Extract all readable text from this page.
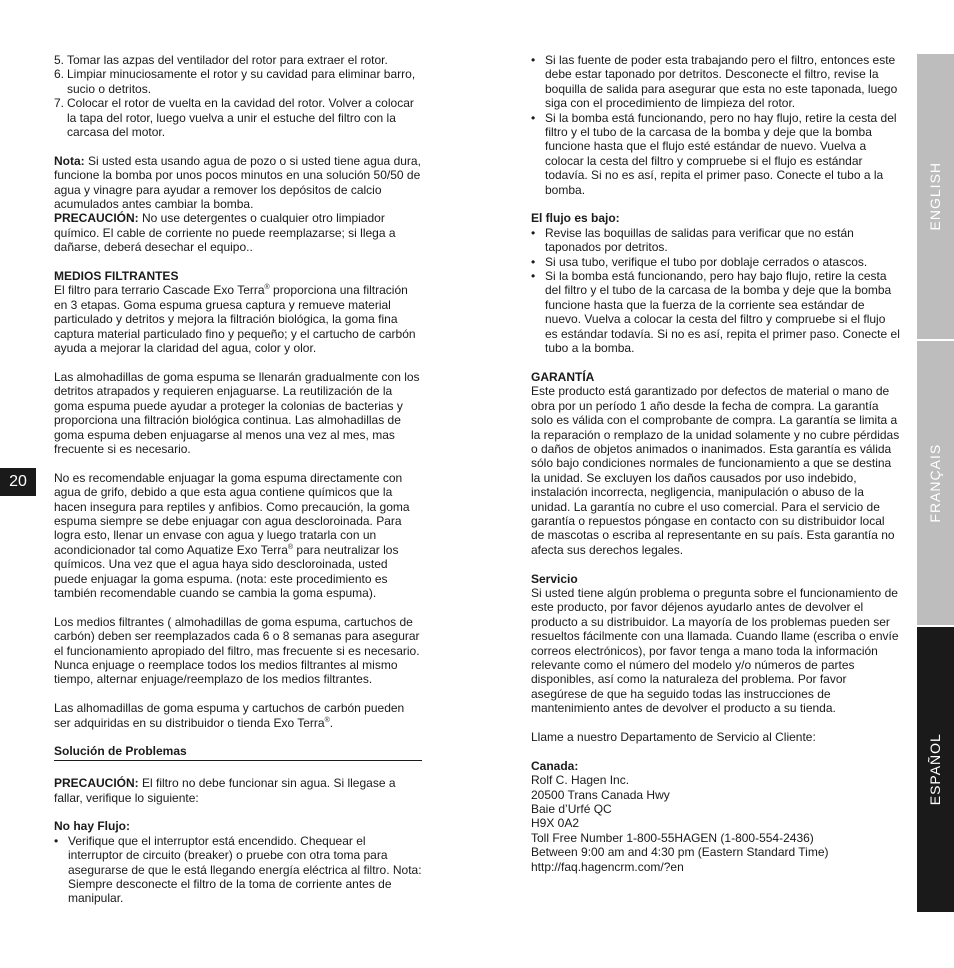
5. Tomar las azpas del ventilador del rotor para extraer el rotor.
6. Limpiar minuciosamente el rotor y su cavidad para eliminar barro, sucio o detritos.
7. Colocar el rotor de vuelta en la cavidad del rotor. Volver a colocar la tapa del rotor, luego vuelva a unir el estuche del filtro con la carcasa del motor.

Nota: Si usted esta usando agua de pozo o si usted tiene agua dura, funcione la bomba por unos pocos minutos en una solución 50/50 de agua y vinagre para ayudar a remover los depósitos de calcio acumulados antes cambiar la bomba.

PRECAUCIÓN: No use detergentes o cualquier otro limpiador químico. El cable de corriente no puede reemplazarse; si llega a dañarse, deberá desechar el equipo..

MEDIOS FILTRANTES

El filtro para terrario Cascade Exo Terra® proporciona una filtración en 3 etapas. Goma espuma gruesa captura y remueve material particulado y detritos y mejora la filtración biológica, la goma fina captura material particulado fino y pequeño; y el cartucho de carbón ayuda a mejorar la claridad del agua, color y olor.

Las almohadillas de goma espuma se llenarán gradualmente con los detritos atrapados y requieren enjaguarse. La reutilización de la goma espuma puede ayudar a proteger la colonias de bacterias y proporciona una filtración biológica continua. Las almohadillas de goma espuma deben enjuagarse al menos una vez al mes, mas frecuente si es necesario.

No es recomendable enjuagar la goma espuma directamente con agua de grifo, debido a que esta agua contiene químicos que la hacen insegura para reptiles y anfibios. Como precaución, la goma espuma siempre se debe enjuagar con agua descloroinada. Para logra esto, llenar un envase con agua y luego tratarla con un acondicionador tal como Aquatize Exo Terra® para neutralizar los químicos. Una vez que el agua haya sido descloroinada, usted puede enjuagar la goma espuma. (nota: este procedimiento es también recomendable cuando se cambia la goma espuma).

Los medios filtrantes ( almohadillas de goma espuma, cartuchos de carbón) deben ser reemplazados cada 6 o 8 semanas para asegurar el funcionamiento apropiado del filtro, mas frecuente si es necesario. Nunca enjuage o reemplace todos los medios filtrantes al mismo tiempo, alternar enjuage/reemplazo de los medios filtrantes.

Las alhomadillas de goma espuma y cartuchos de carbón pueden ser adquiridas en su distribuidor o tienda Exo Terra®.

Solución de Problemas

PRECAUCIÓN: El filtro no debe funcionar sin agua. Si llegase a fallar, verifique lo siguiente:

No hay Flujo:

• Verifique que el interruptor está encendido. Chequear el interruptor de circuito (breaker) o pruebe con otra toma para asegurarse de que le está llegando energía eléctrica al filtro. Nota: Siempre desconecte el filtro de la toma de corriente antes de manipular.
• Si las fuente de poder esta trabajando pero el filtro, entonces este debe estar taponado por detritos. Desconecte el filtro, revise la boquilla de salida para asegurar que esta no este taponada, luego siga con el procedimiento de limpieza del rotor.
• Si la bomba está funcionando, pero no hay flujo, retire la cesta del filtro y el tubo de la carcasa de la bomba y deje que la bomba funcione hasta que el flujo esté estándar de nuevo. Vuelva a colocar la cesta del filtro y compruebe si el flujo es estándar todavía. Si no es así, repita el primer paso. Conecte el tubo a la bomba.

El flujo es bajo:

• Revise las boquillas de salidas para verificar que no están taponados por detritos.
• Si usa tubo, verifique el tubo por doblaje cerrados o atascos.
• Si la bomba está funcionando, pero hay bajo flujo, retire la cesta del filtro y el tubo de la carcasa de la bomba y deje que la bomba funcione hasta que la fuerza de la corriente sea estándar de nuevo. Vuelva a colocar la cesta del filtro y compruebe si el flujo es estándar todavía. Si no es así, repita el primer paso. Conecte el tubo a la bomba.

GARANTÍA

Este producto está garantizado por defectos de material o mano de obra por un período 1 año desde la fecha de compra. La garantía solo es válida con el comprobante de compra. La garantía se limita a la reparación o remplazo de la unidad solamente y no cubre pérdidas o daños de objetos animados o inanimados. Esta garantía es válida sólo bajo condiciones normales de funcionamiento a que se destina la unidad. Se excluyen los daños causados por uso indebido, instalación incorrecta, negligencia, manipulación o abuso de la unidad. La garantía no cubre el uso comercial. Para el servicio de garantía o repuestos póngase en contacto con su distribuidor local de mascotas o escriba al representante en su país. Esta garantía no afecta sus derechos legales.

Servicio

Si usted tiene algún problema o pregunta sobre el funcionamiento de este producto, por favor déjenos ayudarlo antes de devolver el producto a su distribuidor. La mayoría de los problemas pueden ser resueltos fácilmente con una llamada. Cuando llame (escriba o envíe correos electrónicos), por favor tenga a mano toda la información relevante como el número del modelo y/o números de partes disponibles, así como la naturaleza del problema. Por favor asegúrese de que ha seguido todas las instrucciones de mantenimiento antes de devolver el producto a su tienda.

Llame a nuestro Departamento de Servicio al Cliente:

Canada:

Rolf C. Hagen Inc.

20500 Trans Canada Hwy

Baie d’Urfé QC

H9X 0A2

Toll Free Number 1-800-55HAGEN (1-800-554-2436)

Between 9:00 am and 4:30 pm (Eastern Standard Time)

http://faq.hagencrm.com/?en

20
ENGLISH
FRANÇAIS
ESPAÑOL
